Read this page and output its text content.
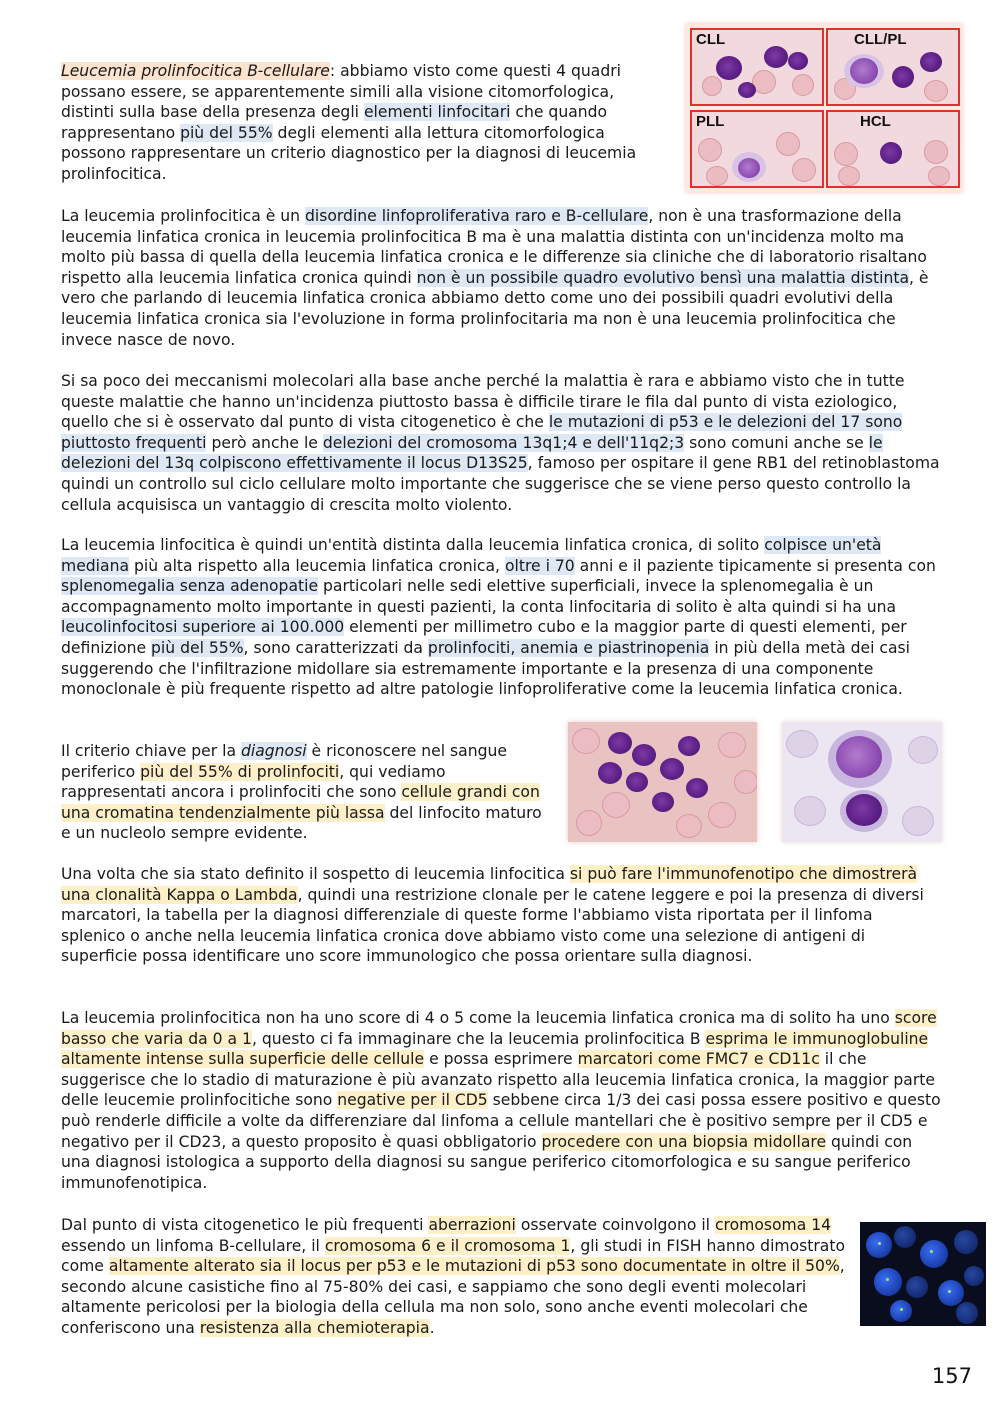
CLL	CLL/PL
PLL	HCL

Leucemia prolinfocitica B-cellulare: abbiamo visto come questi 4 quadri possano essere, se apparentemente simili alla visione citomorfologica, distinti sulla base della presenza degli elementi linfocitari che quando rappresentano più del 55% degli elementi alla lettura citomorfologica possono rappresentare un criterio diagnostico per la diagnosi di leucemia prolinfocitica.

La leucemia prolinfocitica è un disordine linfoproliferativa raro e B-cellulare, non è una trasformazione della leucemia linfatica cronica in leucemia prolinfocitica B ma è una malattia distinta con un'incidenza molto ma molto più bassa di quella della leucemia linfatica cronica e le differenze sia cliniche che di laboratorio risaltano rispetto alla leucemia linfatica cronica quindi non è un possibile quadro evolutivo bensì una malattia distinta, è vero che parlando di leucemia linfatica cronica abbiamo detto come uno dei possibili quadri evolutivi della leucemia linfatica cronica sia l'evoluzione in forma prolinfocitaria ma non è una leucemia prolinfocitica che invece nasce de novo.

Si sa poco dei meccanismi molecolari alla base anche perché la malattia è rara e abbiamo visto che in tutte queste malattie che hanno un'incidenza piuttosto bassa è difficile tirare le fila dal punto di vista eziologico, quello che si è osservato dal punto di vista citogenetico è che le mutazioni di p53 e le delezioni del 17 sono piuttosto frequenti però anche le delezioni del cromosoma 13q1;4 e dell'11q2;3 sono comuni anche se le delezioni del 13q colpiscono effettivamente il locus D13S25, famoso per ospitare il gene RB1 del retinoblastoma quindi un controllo sul ciclo cellulare molto importante che suggerisce che se viene perso questo controllo la cellula acquisisca un vantaggio di crescita molto violento.

La leucemia linfocitica è quindi un'entità distinta dalla leucemia linfatica cronica, di solito colpisce un'età mediana più alta rispetto alla leucemia linfatica cronica, oltre i 70 anni e il paziente tipicamente si presenta con splenomegalia senza adenopatie particolari nelle sedi elettive superficiali, invece la splenomegalia è un accompagnamento molto importante in questi pazienti, la conta linfocitaria di solito è alta quindi si ha una leucolinfocitosi superiore ai 100.000 elementi per millimetro cubo e la maggior parte di questi elementi, per definizione più del 55%, sono caratterizzati da prolinfociti, anemia e piastrinopenia in più della metà dei casi suggerendo che l'infiltrazione midollare sia estremamente importante e la presenza di una componente monoclonale è più frequente rispetto ad altre patologie linfoproliferative come la leucemia linfatica cronica.

Il criterio chiave per la diagnosi è riconoscere nel sangue periferico più del 55% di prolinfociti, qui vediamo rappresentati ancora i prolinfociti che sono cellule grandi con una cromatina tendenzialmente più lassa del linfocito maturo e un nucleolo sempre evidente.

Una volta che sia stato definito il sospetto di leucemia linfocitica si può fare l'immunofenotipo che dimostrerà una clonalità Kappa o Lambda, quindi una restrizione clonale per le catene leggere e poi la presenza di diversi marcatori, la tabella per la diagnosi differenziale di queste forme l'abbiamo vista riportata per il linfoma splenico o anche nella leucemia linfatica cronica dove abbiamo visto come una selezione di antigeni di superficie possa identificare uno score immunologico che possa orientare sulla diagnosi.

La leucemia prolinfocitica non ha uno score di 4 o 5 come la leucemia linfatica cronica ma di solito ha uno score basso che varia da 0 a 1, questo ci fa immaginare che la leucemia prolinfocitica B esprima le immunoglobuline altamente intense sulla superficie delle cellule e possa esprimere marcatori come FMC7 e CD11c il che suggerisce che lo stadio di maturazione è più avanzato rispetto alla leucemia linfatica cronica, la maggior parte delle leucemie prolinfocitiche sono negative per il CD5 sebbene circa 1/3 dei casi possa essere positivo e questo può renderle difficile a volte da differenziare dal linfoma a cellule mantellari che è positivo sempre per il CD5 e negativo per il CD23, a questo proposito è quasi obbligatorio procedere con una biopsia midollare quindi con una diagnosi istologica a supporto della diagnosi su sangue periferico citomorfologica e su sangue periferico immunofenotipica.

Dal punto di vista citogenetico le più frequenti aberrazioni osservate coinvolgono il cromosoma 14 essendo un linfoma B-cellulare, il cromosoma 6 e il cromosoma 1, gli studi in FISH hanno dimostrato come altamente alterato sia il locus per p53 e le mutazioni di p53 sono documentate in oltre il 50%, secondo alcune casistiche fino al 75-80% dei casi, e sappiamo che sono degli eventi molecolari altamente pericolosi per la biologia della cellula ma non solo, sono anche eventi molecolari che conferiscono una resistenza alla chemioterapia.

157
